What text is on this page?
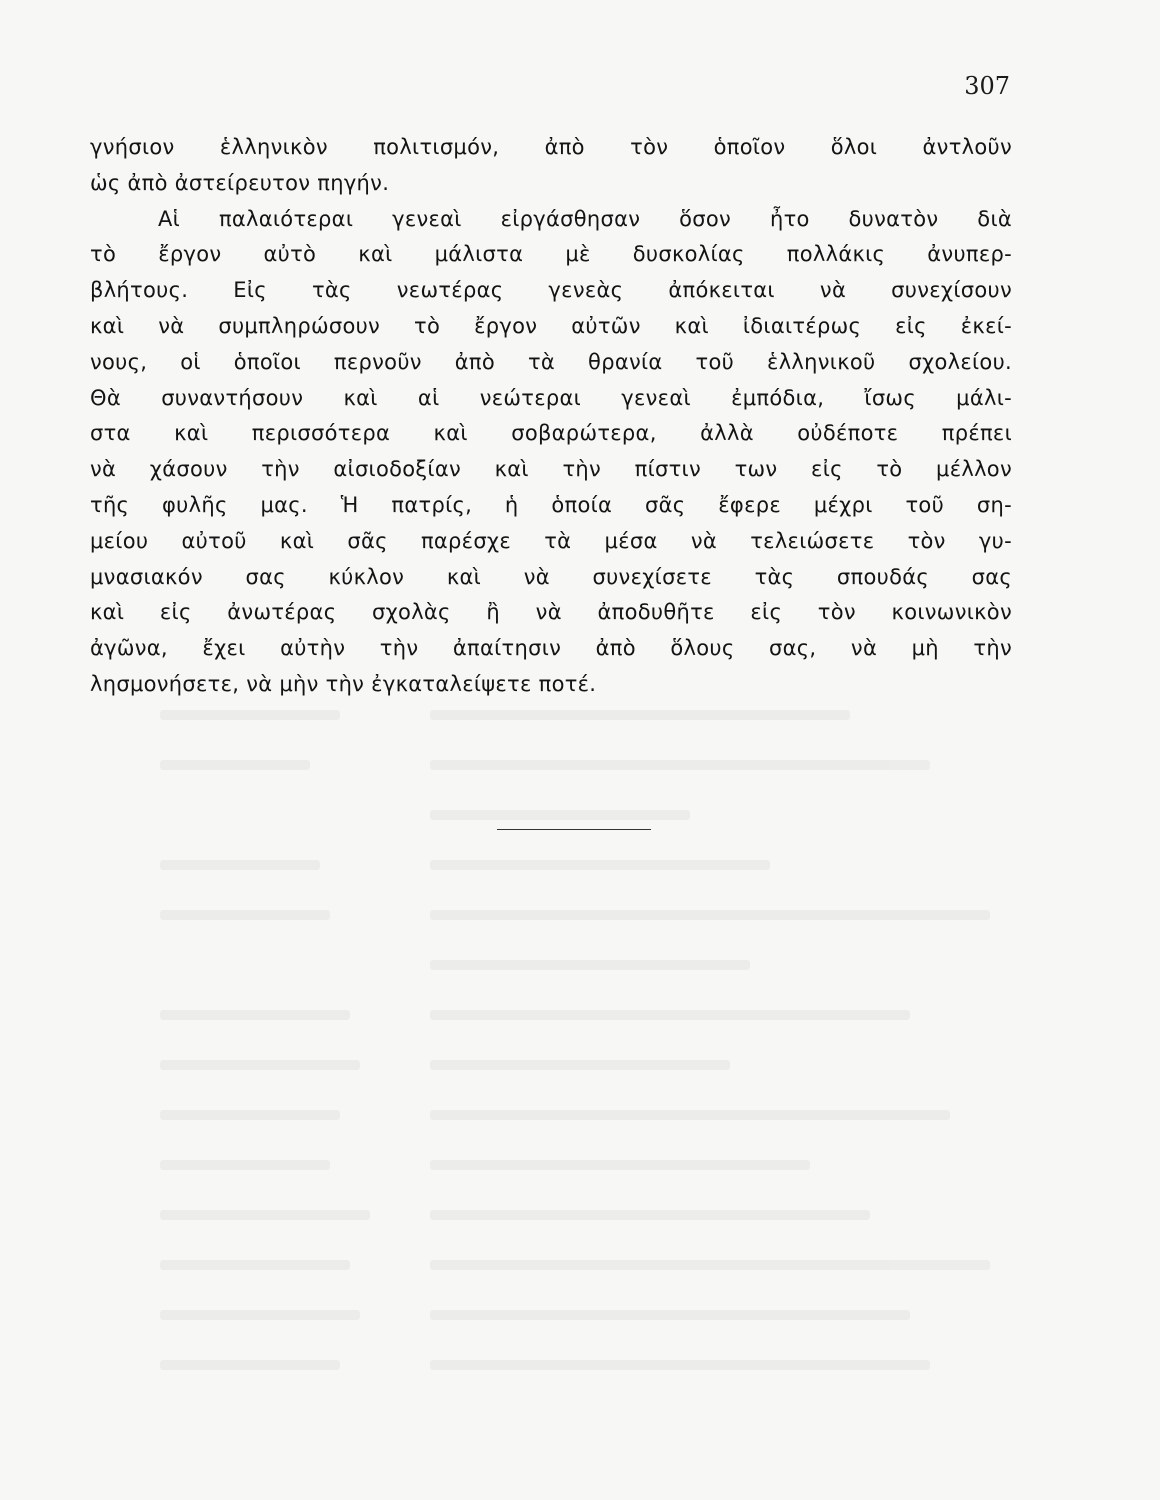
307
γνήσιον ἑλληνικὸν πολιτισμόν, ἀπὸ τὸν ὁποῖον ὅλοι ἀντλοῦν
ὡς ἀπὸ ἀστείρευτον πηγήν.
Αἱ παλαιότεραι γενεαὶ εἰργάσθησαν ὅσον ἦτο δυνατὸν διὰ
τὸ ἔργον αὐτὸ καὶ μάλιστα μὲ δυσκολίας πολλάκις ἀνυπερ-
βλήτους. Εἰς τὰς νεωτέρας γενεὰς ἀπόκειται νὰ συνεχίσουν
καὶ νὰ συμπληρώσουν τὸ ἔργον αὐτῶν καὶ ἰδιαιτέρως εἰς ἐκεί-
νους, οἱ ὁποῖοι περνοῦν ἀπὸ τὰ θρανία τοῦ ἑλληνικοῦ σχολείου.
Θὰ συναντήσουν καὶ αἱ νεώτεραι γενεαὶ ἐμπόδια, ἴσως μάλι-
στα καὶ περισσότερα καὶ σοβαρώτερα, ἀλλὰ οὐδέποτε πρέπει
νὰ χάσουν τὴν αἰσιοδοξίαν καὶ τὴν πίστιν των εἰς τὸ μέλλον
τῆς φυλῆς μας. Ἡ πατρίς, ἡ ὁποία σᾶς ἔφερε μέχρι τοῦ ση-
μείου αὐτοῦ καὶ σᾶς παρέσχε τὰ μέσα νὰ τελειώσετε τὸν γυ-
μνασιακόν σας κύκλον καὶ νὰ συνεχίσετε τὰς σπουδάς σας
καὶ εἰς ἀνωτέρας σχολὰς ἢ νὰ ἀποδυθῆτε εἰς τὸν κοινωνικὸν
ἀγῶνα, ἔχει αὐτὴν τὴν ἀπαίτησιν ἀπὸ ὅλους σας, νὰ μὴ τὴν
λησμονήσετε, νὰ μὴν τὴν ἐγκαταλείψετε ποτέ.
